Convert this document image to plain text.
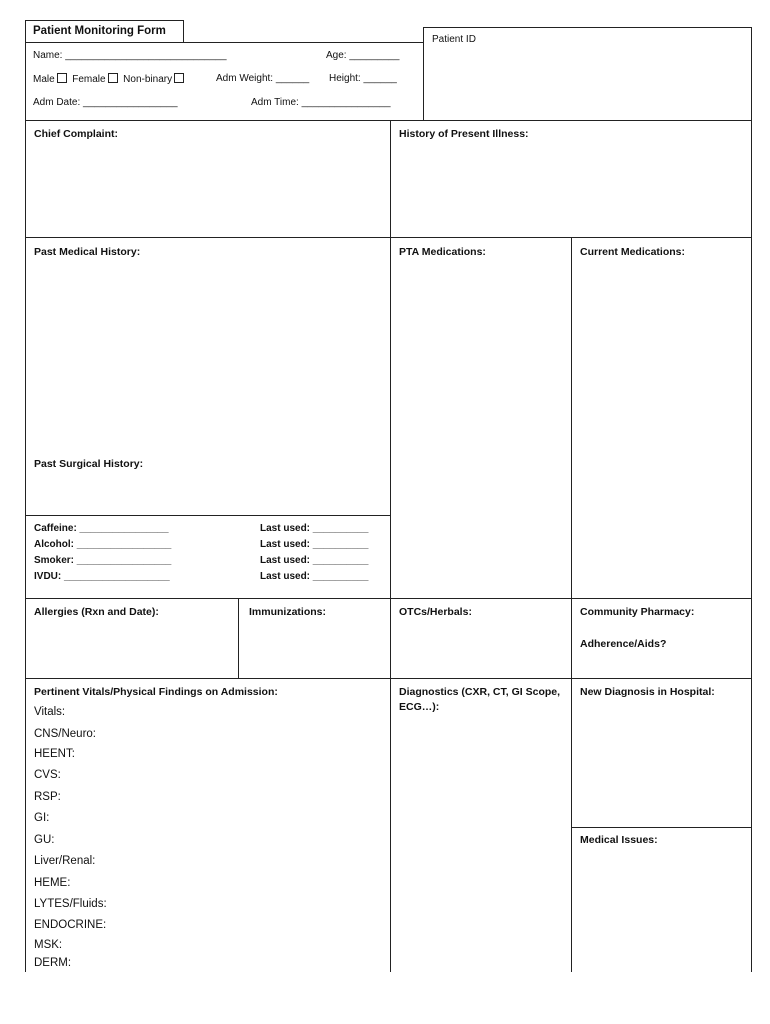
Patient Monitoring Form
Name: _____________________________	Age: _________
Male Female Non-binary	Adm Weight: ______ Height: ______
Adm Date: _________________	Adm Time: ________________
Patient ID
Chief Complaint:	History of Present Illness:
Past Medical History:
Past Surgical History:
Caffeine: ________________	Last used: __________
Alcohol: _________________	Last used: __________
Smoker: _________________	Last used: __________
IVDU: ___________________	Last used: __________
PTA Medications:	Current Medications:
Allergies (Rxn and Date):	Immunizations:	OTCs/Herbals:	Community Pharmacy:
Adherence/Aids?
Pertinent Vitals/Physical Findings on Admission:
Vitals:
CNS/Neuro:
HEENT:
CVS:
RSP:
GI:
GU:
Liver/Renal:
HEME:
LYTES/Fluids:
ENDOCRINE:
MSK:
DERM:
Diagnostics (CXR, CT, GI Scope,
ECG…):
New Diagnosis in Hospital:
Medical Issues:
